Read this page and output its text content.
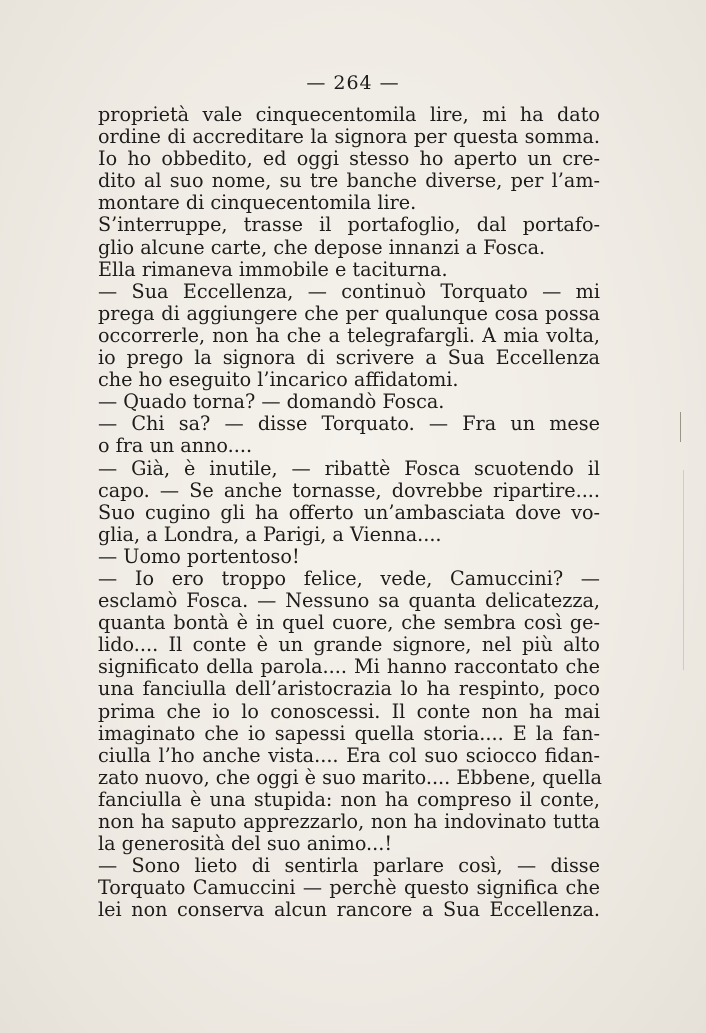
— 264 —
proprietà vale cinquecentomila lire, mi ha dato
ordine di accreditare la signora per questa somma.
Io ho obbedito, ed oggi stesso ho aperto un cre-
dito al suo nome, su tre banche diverse, per l’am-
montare di cinquecentomila lire.
S’interruppe, trasse il portafoglio, dal portafo-
glio alcune carte, che depose innanzi a Fosca.
Ella rimaneva immobile e taciturna.
— Sua Eccellenza, — continuò Torquato — mi
prega di aggiungere che per qualunque cosa possa
occorrerle, non ha che a telegrafargli. A mia volta,
io prego la signora di scrivere a Sua Eccellenza
che ho eseguito l’incarico affidatomi.
— Quado torna? — domandò Fosca.
— Chi sa? — disse Torquato. — Fra un mese
o fra un anno....
— Già, è inutile, — ribattè Fosca scuotendo il
capo. — Se anche tornasse, dovrebbe ripartire....
Suo cugino gli ha offerto un’ambasciata dove vo-
glia, a Londra, a Parigi, a Vienna....
— Uomo portentoso!
— Io ero troppo felice, vede, Camuccini? —
esclamò Fosca. — Nessuno sa quanta delicatezza,
quanta bontà è in quel cuore, che sembra così ge-
lido.... Il conte è un grande signore, nel più alto
significato della parola.... Mi hanno raccontato che
una fanciulla dell’aristocrazia lo ha respinto, poco
prima che io lo conoscessi. Il conte non ha mai
imaginato che io sapessi quella storia.... E la fan-
ciulla l’ho anche vista.... Era col suo sciocco fidan-
zato nuovo, che oggi è suo marito.... Ebbene, quella
fanciulla è una stupida: non ha compreso il conte,
non ha saputo apprezzarlo, non ha indovinato tutta
la generosità del suo animo...!
— Sono lieto di sentirla parlare così, — disse
Torquato Camuccini — perchè questo significa che
lei non conserva alcun rancore a Sua Eccellenza.
